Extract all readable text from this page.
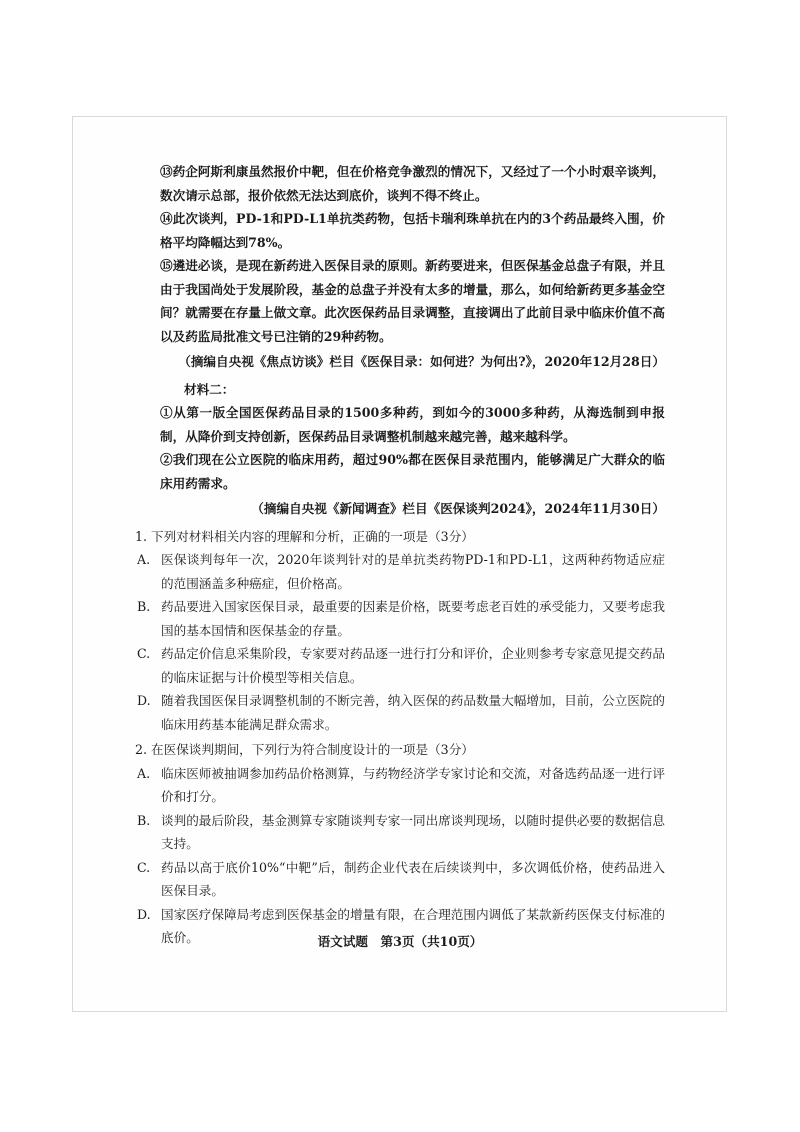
⑬药企阿斯利康虽然报价中靶，但在价格竞争激烈的情况下，又经过了一个小时艰辛谈判，数次请示总部，报价依然无法达到底价，谈判不得不终止。

⑭此次谈判，PD-1和PD-L1单抗类药物，包括卡瑞利珠单抗在内的3个药品最终入围，价格平均降幅达到78%。

⑮遴进必谈，是现在新药进入医保目录的原则。新药要进来，但医保基金总盘子有限，并且由于我国尚处于发展阶段，基金的总盘子并没有太多的增量，那么，如何给新药更多基金空间？就需要在存量上做文章。此次医保药品目录调整，直接调出了此前目录中临床价值不高以及药监局批准文号已注销的29种药物。

（摘编自央视《焦点访谈》栏目《医保目录：如何进？为何出?》，2020年12月28日）

材料二：

①从第一版全国医保药品目录的1500多种药，到如今的3000多种药，从海选制到申报制，从降价到支持创新，医保药品目录调整机制越来越完善，越来越科学。

②我们现在公立医院的临床用药，超过90%都在医保目录范围内，能够满足广大群众的临床用药需求。

（摘编自央视《新闻调查》栏目《医保谈判2024》，2024年11月30日）

1. 下列对材料相关内容的理解和分析，正确的一项是（3分）

A. 医保谈判每年一次，2020年谈判针对的是单抗类药物PD-1和PD-L1，这两种药物适应症的范围涵盖多种癌症，但价格高。
B. 药品要进入国家医保目录，最重要的因素是价格，既要考虑老百姓的承受能力，又要考虑我国的基本国情和医保基金的存量。
C. 药品定价信息采集阶段，专家要对药品逐一进行打分和评价，企业则参考专家意见提交药品的临床证据与计价模型等相关信息。
D. 随着我国医保目录调整机制的不断完善，纳入医保的药品数量大幅增加，目前，公立医院的临床用药基本能满足群众需求。

2. 在医保谈判期间，下列行为符合制度设计的一项是（3分）

A. 临床医师被抽调参加药品价格测算，与药物经济学专家讨论和交流，对备选药品逐一进行评价和打分。
B. 谈判的最后阶段，基金测算专家随谈判专家一同出席谈判现场，以随时提供必要的数据信息支持。
C. 药品以高于底价10%“中靶”后，制药企业代表在后续谈判中，多次调低价格，使药品进入医保目录。
D. 国家医疗保障局考虑到医保基金的增量有限，在合理范围内调低了某款新药医保支付标准的底价。	语文试题　第3页（共10页）
